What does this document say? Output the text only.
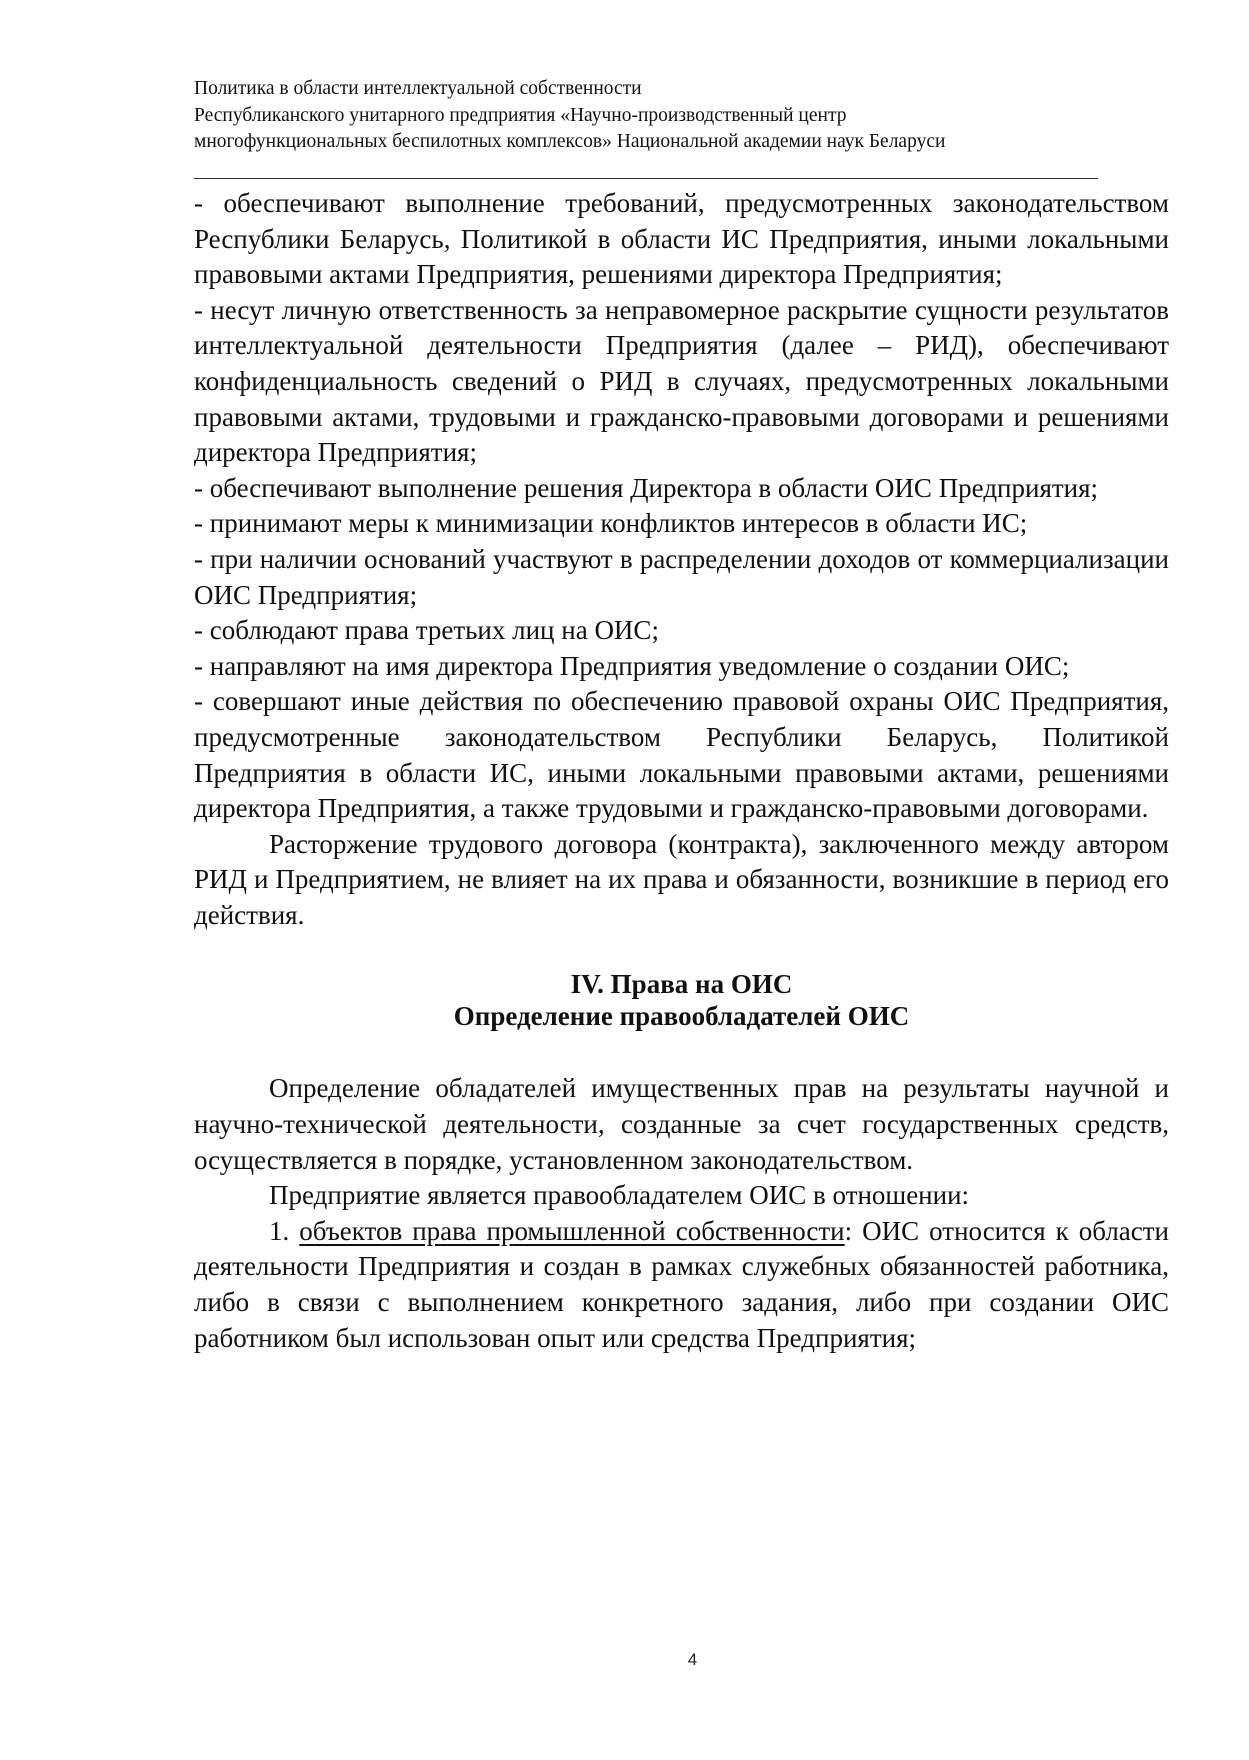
Политика в области интеллектуальной собственности
Республиканского унитарного предприятия «Научно-производственный центр
многофункциональных беспилотных комплексов» Национальной академии наук Беларуси

- обеспечивают выполнение требований, предусмотренных законодательством Республики Беларусь, Политикой в области ИС Предприятия, иными локальными правовыми актами Предприятия, решениями директора Предприятия;

- несут личную ответственность за неправомерное раскрытие сущности результатов интеллектуальной деятельности Предприятия (далее – РИД), обеспечивают конфиденциальность сведений о РИД в случаях, предусмотренных локальными правовыми актами, трудовыми и гражданско-правовыми договорами и решениями директора Предприятия;

- обеспечивают выполнение решения Директора в области ОИС Предприятия;

- принимают меры к минимизации конфликтов интересов в области ИС;

- при наличии оснований участвуют в распределении доходов от коммерциализации ОИС Предприятия;

- соблюдают права третьих лиц на ОИС;

- направляют на имя директора Предприятия уведомление о создании ОИС;

- совершают иные действия по обеспечению правовой охраны ОИС Предприятия, предусмотренные законодательством Республики Беларусь, Политикой Предприятия в области ИС, иными локальными правовыми актами, решениями директора Предприятия, а также трудовыми и гражданско-правовыми договорами.

Расторжение трудового договора (контракта), заключенного между автором РИД и Предприятием, не влияет на их права и обязанности, возникшие в период его действия.

IV. Права на ОИС

Определение правообладателей ОИС

Определение обладателей имущественных прав на результаты научной и научно-технической деятельности, созданные за счет государственных средств, осуществляется в порядке, установленном законодательством.

Предприятие является правообладателем ОИС в отношении:

1. объектов права промышленной собственности: ОИС относится к области деятельности Предприятия и создан в рамках служебных обязанностей работника, либо в связи с выполнением конкретного задания, либо при создании ОИС работником был использован опыт или средства Предприятия;

4
